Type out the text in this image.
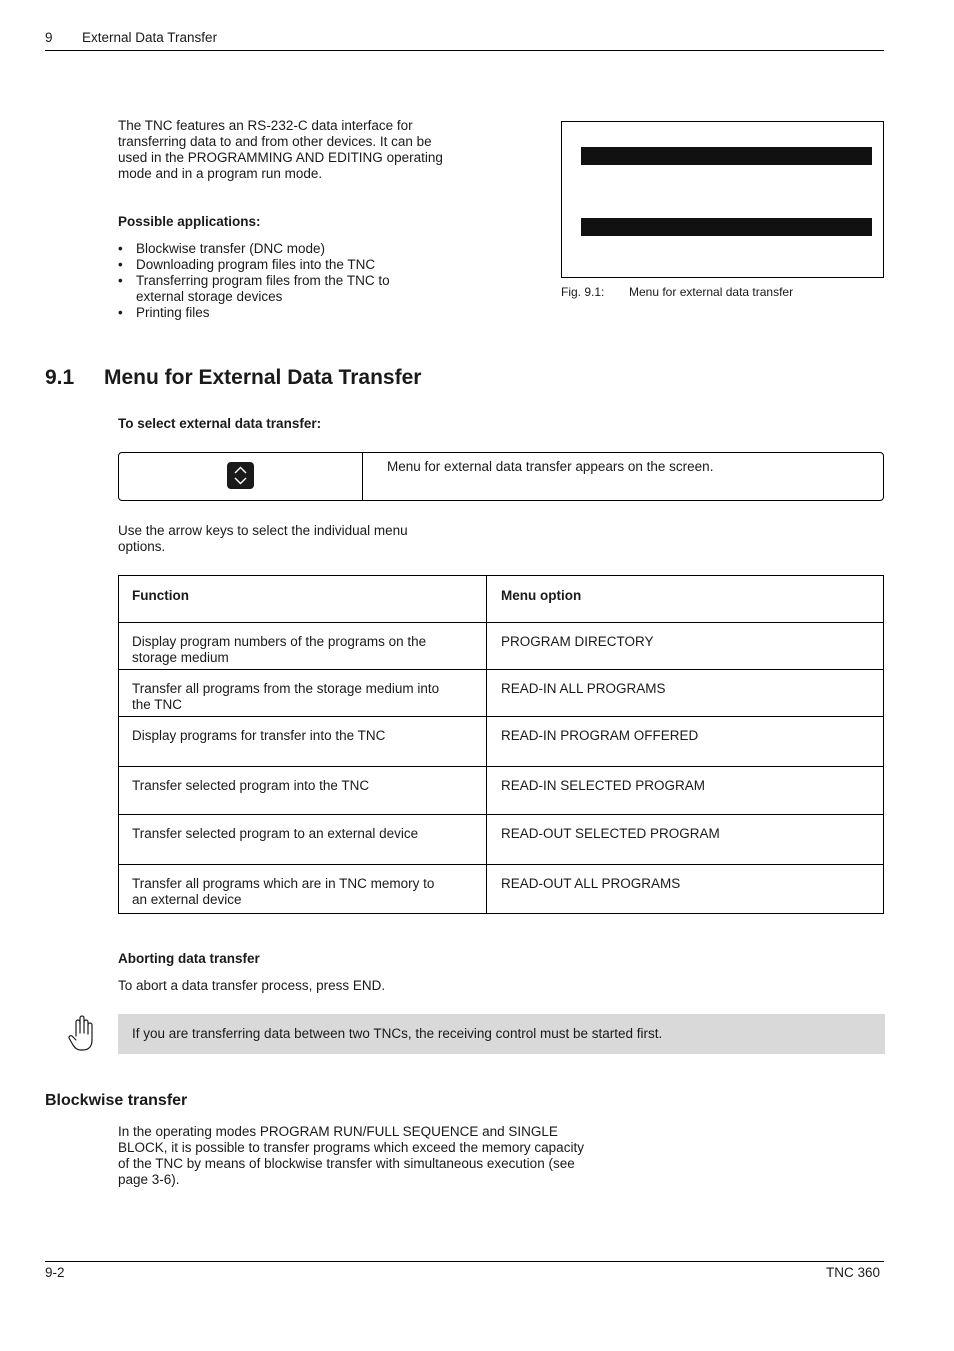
9 External Data Transfer
The TNC features an RS-232-C data interface for transferring data to and from other devices. It can be used in the PROGRAMMING AND EDITING operating mode and in a program run mode.
Possible applications:
• Blockwise transfer (DNC mode)
• Downloading program files into the TNC
• Transferring program files from the TNC to external storage devices
• Printing files
Fig. 9.1: Menu for external data transfer
9.1 Menu for External Data Transfer
To select external data transfer:
Menu for external data transfer appears on the screen.
Use the arrow keys to select the individual menu options.
Function	Menu option

Display program numbers of the programs on the storage medium	PROGRAM DIRECTORY

Transfer all programs from the storage medium into the TNC	READ-IN ALL PROGRAMS

Display programs for transfer into the TNC	READ-IN PROGRAM OFFERED

Transfer selected program into the TNC	READ-IN SELECTED PROGRAM

Transfer selected program to an external device	READ-OUT SELECTED PROGRAM

Transfer all programs which are in TNC memory to an external device	READ-OUT ALL PROGRAMS
Aborting data transfer
To abort a data transfer process, press END.
If you are transferring data between two TNCs, the receiving control must be started first.
Blockwise transfer
In the operating modes PROGRAM RUN/FULL SEQUENCE and SINGLE BLOCK, it is possible to transfer programs which exceed the memory capacity of the TNC by means of blockwise transfer with simultaneous execution (see page 3-6).
9-2	TNC 360
